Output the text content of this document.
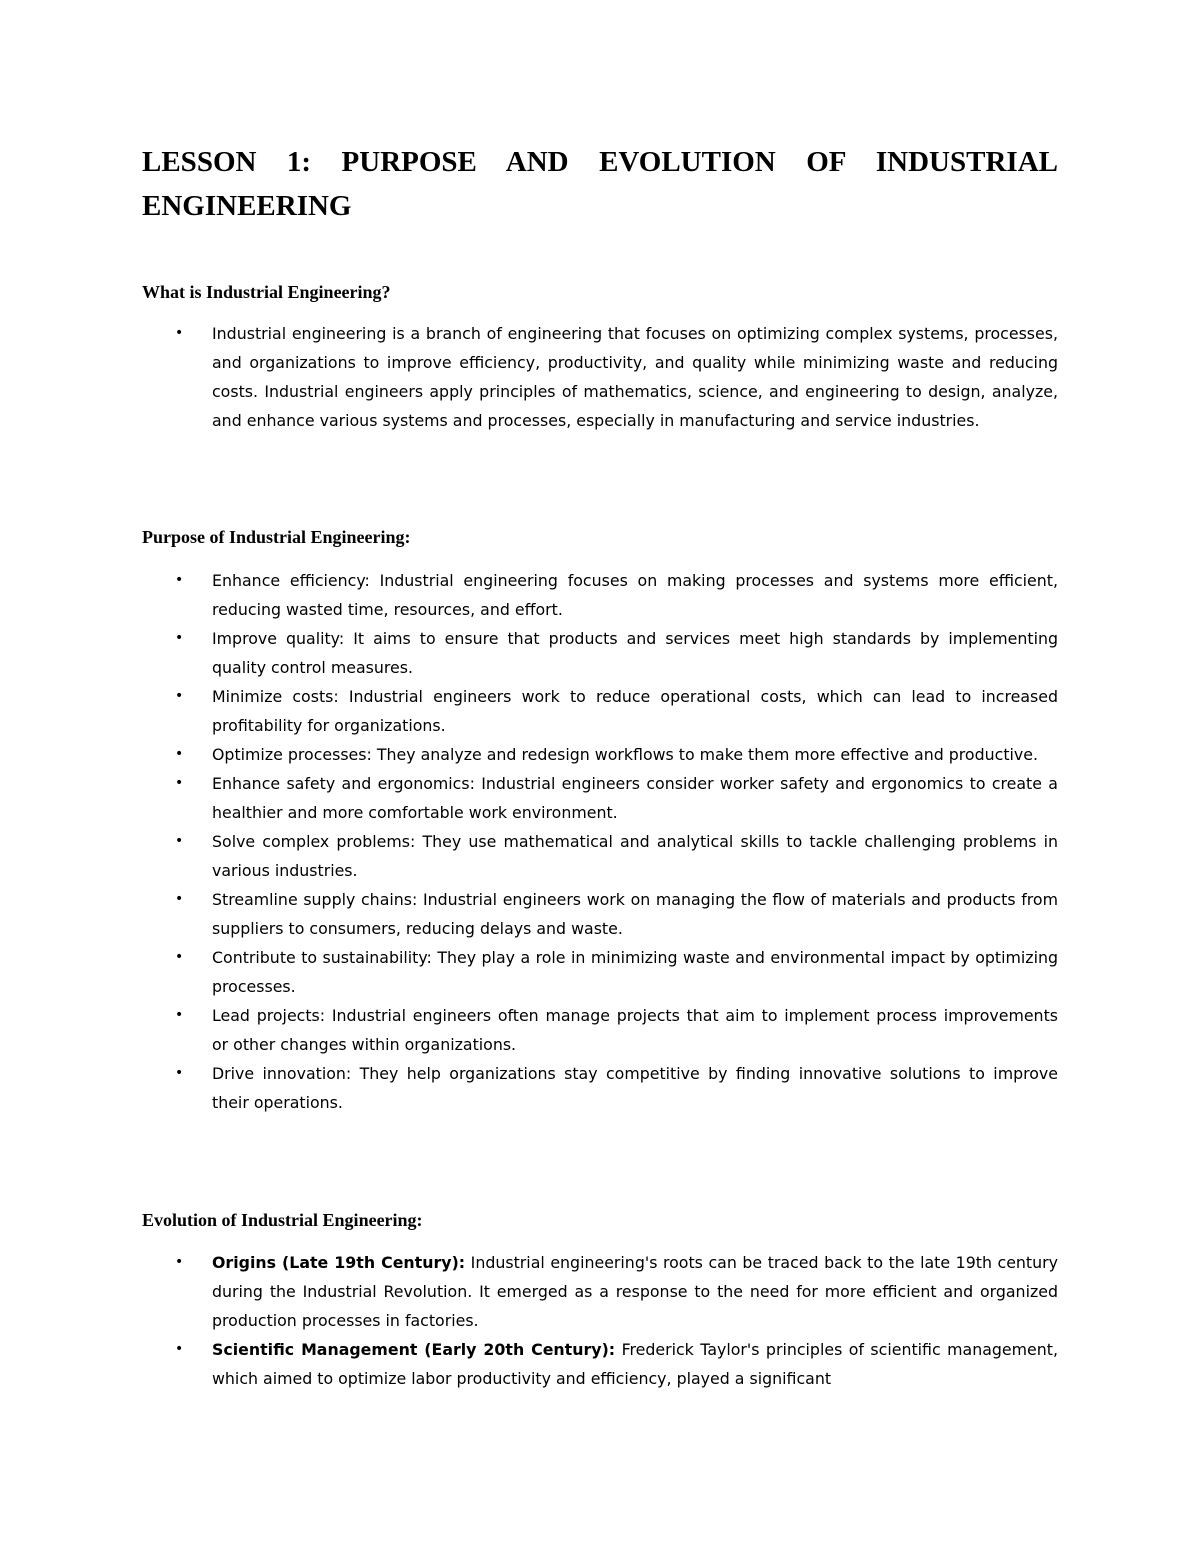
LESSON 1: PURPOSE AND EVOLUTION OF INDUSTRIAL ENGINEERING
What is Industrial Engineering?
• Industrial engineering is a branch of engineering that focuses on optimizing complex systems, processes, and organizations to improve efficiency, productivity, and quality while minimizing waste and reducing costs. Industrial engineers apply principles of mathematics, science, and engineering to design, analyze, and enhance various systems and processes, especially in manufacturing and service industries.
Purpose of Industrial Engineering:
• Enhance efficiency: Industrial engineering focuses on making processes and systems more efficient, reducing wasted time, resources, and effort.
• Improve quality: It aims to ensure that products and services meet high standards by implementing quality control measures.
• Minimize costs: Industrial engineers work to reduce operational costs, which can lead to increased profitability for organizations.
• Optimize processes: They analyze and redesign workflows to make them more effective and productive.
• Enhance safety and ergonomics: Industrial engineers consider worker safety and ergonomics to create a healthier and more comfortable work environment.
• Solve complex problems: They use mathematical and analytical skills to tackle challenging problems in various industries.
• Streamline supply chains: Industrial engineers work on managing the flow of materials and products from suppliers to consumers, reducing delays and waste.
• Contribute to sustainability: They play a role in minimizing waste and environmental impact by optimizing processes.
• Lead projects: Industrial engineers often manage projects that aim to implement process improvements or other changes within organizations.
• Drive innovation: They help organizations stay competitive by finding innovative solutions to improve their operations.
Evolution of Industrial Engineering:
• Origins (Late 19th Century): Industrial engineering's roots can be traced back to the late 19th century during the Industrial Revolution. It emerged as a response to the need for more efficient and organized production processes in factories.
• Scientific Management (Early 20th Century): Frederick Taylor's principles of scientific management, which aimed to optimize labor productivity and efficiency, played a significant
